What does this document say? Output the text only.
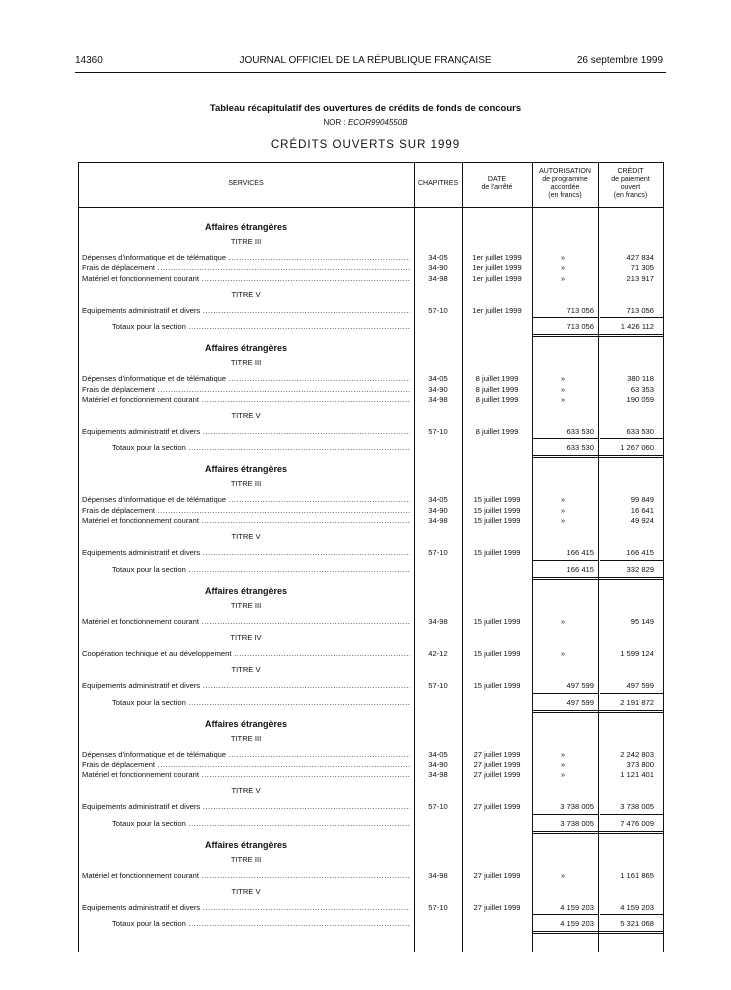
14360	JOURNAL OFFICIEL DE LA RÉPUBLIQUE FRANÇAISE	26 septembre 1999
Tableau récapitulatif des ouvertures de crédits de fonds de concours
NOR : ECOR9904550B
CRÉDITS OUVERTS SUR 1999
SERVICES	CHAPITRES
DATE
de l'arrêté
AUTORISATION
de programme
accordée
(en francs)
CRÉDIT
de paiement
ouvert
(en francs)
Affaires étrangères
TITRE III
Dépenses d'informatique et de télématique .....	34-05	1er juillet 1999	»	427 834
Frais de déplacement .....	34-90	1er juillet 1999	»	71 305
Matériel et fonctionnement courant .....	34-98	1er juillet 1999	»	213 917
TITRE V
Equipements administratif et divers .....	57-10	1er juillet 1999	713 056	713 056
Totaux pour la section .....	713 056	1 426 112
Affaires étrangères
TITRE III
Dépenses d'informatique et de télématique .....	34-05	8 juillet 1999	»	380 118
Frais de déplacement .....	34-90	8 juillet 1999	»	63 353
Matériel et fonctionnement courant .....	34-98	8 juillet 1999	»	190 059
TITRE V
Equipements administratif et divers .....	57-10	8 juillet 1999	633 530	633 530
Totaux pour la section .....	633 530	1 267 060
Affaires étrangères
TITRE III
Dépenses d'informatique et de télématique .....	34-05	15 juillet 1999	»	99 849
Frais de déplacement .....	34-90	15 juillet 1999	»	16 641
Matériel et fonctionnement courant .....	34-98	15 juillet 1999	»	49 924
TITRE V
Equipements administratif et divers .....	57-10	15 juillet 1999	166 415	166 415
Totaux pour la section .....	166 415	332 829
Affaires étrangères
TITRE III
Matériel et fonctionnement courant .....	34-98	15 juillet 1999	»	95 149
TITRE IV
Coopération technique et au développement .....	42-12	15 juillet 1999	»	1 599 124
TITRE V
Equipements administratif et divers .....	57-10	15 juillet 1999	497 599	497 599
Totaux pour la section .....	497 599	2 191 872
Affaires étrangères
TITRE III
Dépenses d'informatique et de télématique .....	34-05	27 juillet 1999	»	2 242 803
Frais de déplacement .....	34-90	27 juillet 1999	»	373 800
Matériel et fonctionnement courant .....	34-98	27 juillet 1999	»	1 121 401
TITRE V
Equipements administratif et divers .....	57-10	27 juillet 1999	3 738 005	3 738 005
Totaux pour la section .....	3 738 005	7 476 009
Affaires étrangères
TITRE III
Matériel et fonctionnement courant .....	34-98	27 juillet 1999	»	1 161 865
TITRE V
Equipements administratif et divers .....	57-10	27 juillet 1999	4 159 203	4 159 203
Totaux pour la section .....	4 159 203	5 321 068
